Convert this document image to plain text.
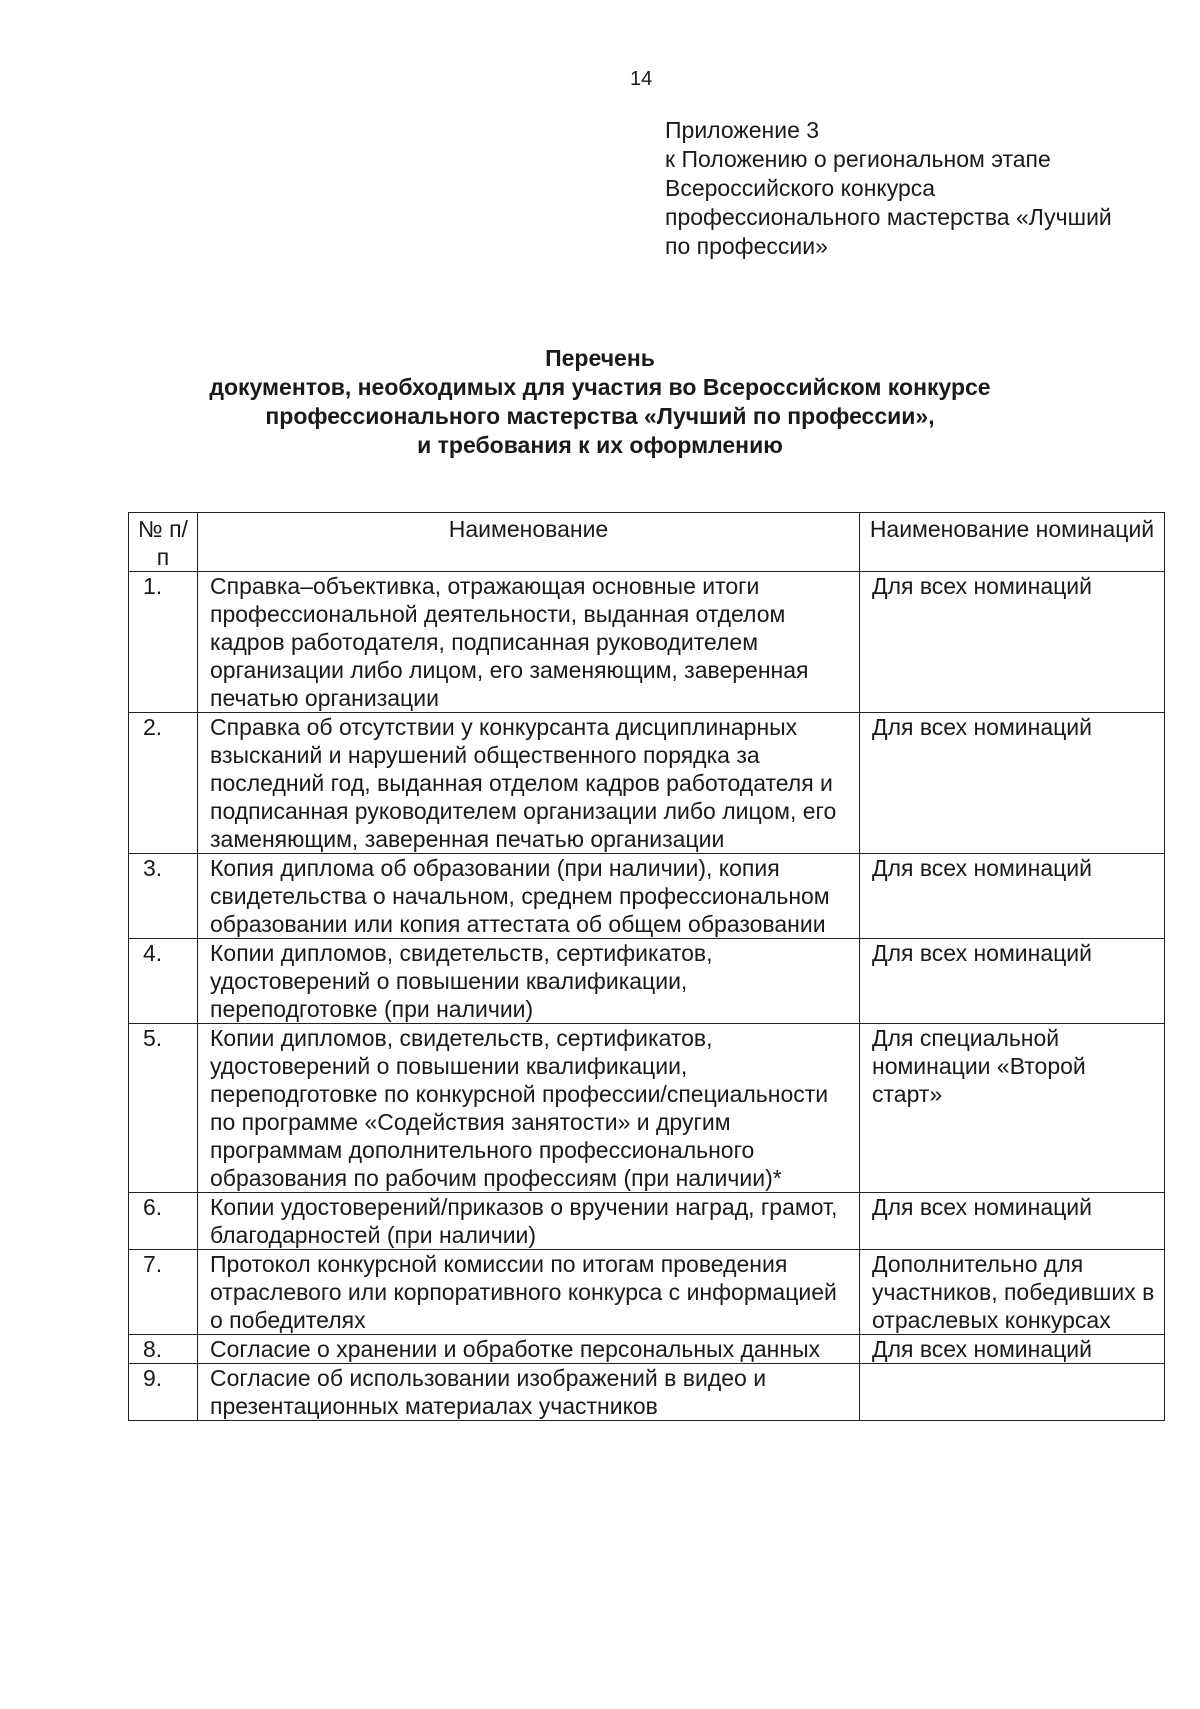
14
Приложение 3
к Положению о региональном этапе
Всероссийского конкурса
профессионального мастерства «Лучший
по профессии»
Перечень
документов, необходимых для участия во Всероссийском конкурсе
профессионального мастерства «Лучший по профессии»,
и требования к их оформлению
№ п/п	Наименование	Наименование номинаций
1.	Справка–объективка, отражающая основные итоги профессиональной деятельности, выданная отделом кадров работодателя, подписанная руководителем организации либо лицом, его заменяющим, заверенная печатью организации	Для всех номинаций
2.	Справка об отсутствии у конкурсанта дисциплинарных взысканий и нарушений общественного порядка за последний год, выданная отделом кадров работодателя и подписанная руководителем организации либо лицом, его заменяющим, заверенная печатью организации	Для всех номинаций
3.	Копия диплома об образовании (при наличии), копия свидетельства о начальном, среднем профессиональном образовании или копия аттестата об общем образовании	Для всех номинаций
4.	Копии дипломов, свидетельств, сертификатов, удостоверений о повышении квалификации, переподготовке (при наличии)	Для всех номинаций
5.	Копии дипломов, свидетельств, сертификатов, удостоверений о повышении квалификации, переподготовке по конкурсной профессии/специальности по программе «Содействия занятости» и другим программам дополнительного профессионального образования по рабочим профессиям (при наличии)*	Для специальной номинации «Второй старт»
6.	Копии удостоверений/приказов о вручении наград, грамот, благодарностей (при наличии)	Для всех номинаций
7.	Протокол конкурсной комиссии по итогам проведения отраслевого или корпоративного конкурса с информацией о победителях	Дополнительно для участников, победивших в отраслевых конкурсах
8.	Согласие о хранении и обработке персональных данных	Для всех номинаций
9.	Согласие об использовании изображений в видео и презентационных материалах участников	
